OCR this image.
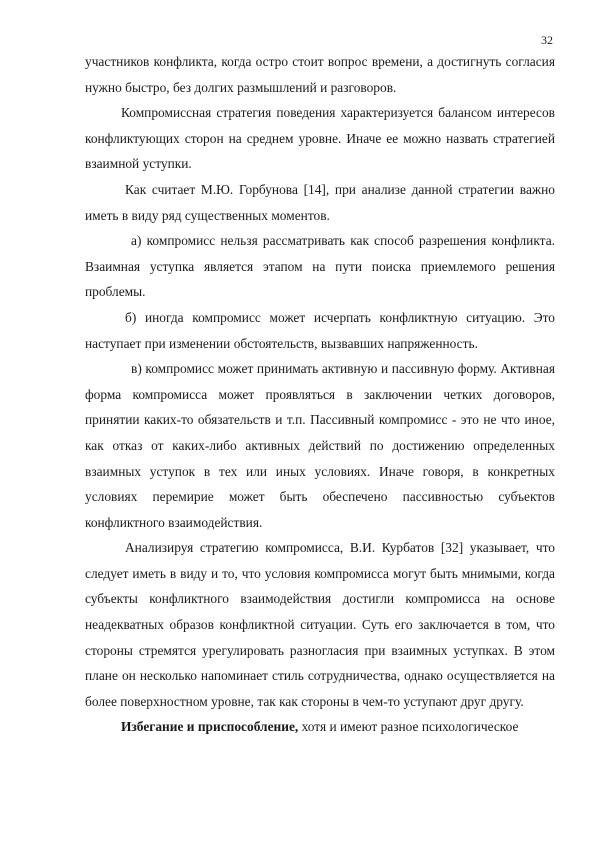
32

участников конфликта, когда остро стоит вопрос времени, а достигнуть согласия нужно быстро, без долгих размышлений и разговоров.

Компромиссная стратегия поведения характеризуется балансом интересов конфликтующих сторон на среднем уровне. Иначе ее можно назвать стратегией взаимной уступки.

Как считает М.Ю. Горбунова [14], при анализе данной стратегии важно иметь в виду ряд существенных моментов.

а) компромисс нельзя рассматривать как способ разрешения конфликта. Взаимная уступка является этапом на пути поиска приемлемого решения проблемы.

б) иногда компромисс может исчерпать конфликтную ситуацию. Это наступает при изменении обстоятельств, вызвавших напряженность.

в) компромисс может принимать активную и пассивную форму. Активная форма компромисса может проявляться в заключении четких договоров, принятии каких-то обязательств и т.п. Пассивный компромисс - это не что иное, как отказ от каких-либо активных действий по достижению определенных взаимных уступок в тех или иных условиях. Иначе говоря, в конкретных условиях перемирие может быть обеспечено пассивностью субъектов конфликтного взаимодействия.

Анализируя стратегию компромисса, В.И. Курбатов [32] указывает, что следует иметь в виду и то, что условия компромисса могут быть мнимыми, когда субъекты конфликтного взаимодействия достигли компромисса на основе неадекватных образов конфликтной ситуации. Суть его заключается в том, что стороны стремятся урегулировать разногласия при взаимных уступках. В этом плане он несколько напоминает стиль сотрудничества, однако осуществляется на более поверхностном уровне, так как стороны в чем-то уступают друг другу.

Избегание и приспособление, хотя и имеют разное психологическое
